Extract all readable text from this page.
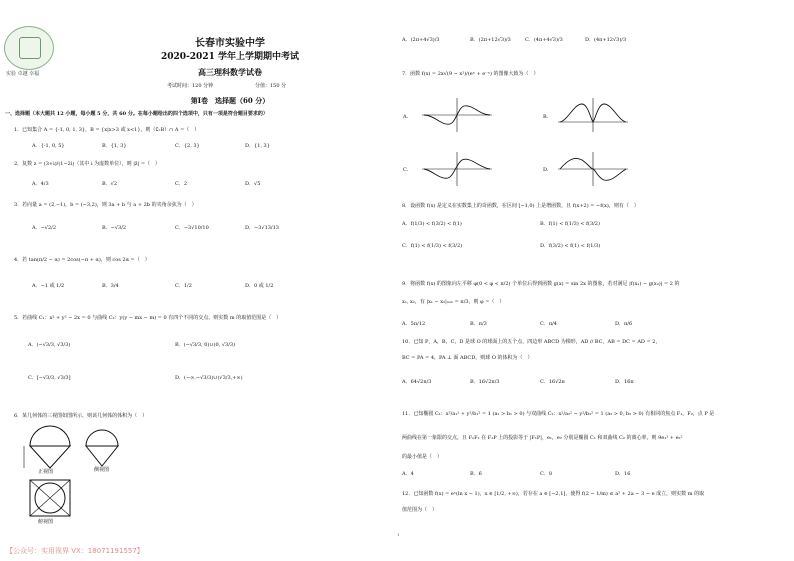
实验 卓越 幸福
长春市实验中学
2020-2021 学年上学期期中考试
高三理科数学试卷
考试时间：120 分钟	分值：150 分
第Ⅰ卷　选择题（60 分）
一、选择题（本大题共 12 小题，每小题 5 分，共 60 分。在每小题给出的四个选项中，只有一项是符合题目要求的）
1．已知集合 A = {-1, 0, 1, 3}，B = {x|x>3 或 x<1}，则（∁ᵣB）∩ A =（　）
A．{-1, 0, 5}	B．{1, 3}	C．{2, 3}	D．{1, 3}
2．复数 z = (3+i)/(1−2i)（其中 i 为虚数单位），则 |z̄| =（　）
A．4/3	B．√2	C．2	D．√5
3．若向量 a = (2,−1)，b = (−3,2)，则 3a + b 与 a + 2b 的夹角余弦为（　）
A．−√2/2	B．−√3/2	C．−3√10/10	D．−3√13/13
4．若 tan(π/2 − α) = 2cos(−π + α)，则 cos 2α =（　）
A．−1 或 1/2	B．3/4	C．1/2	D．0 或 1/2
5．若曲线 C₁：x² + y² − 2x = 0 与曲线 C₂：y(y − mx − m) = 0 有四个不同的交点，则实数 m 的取值范围是（　）
A．(−√3/3, √3/3)	B．(−√3/3, 0)∪(0, √3/3)
C．[−√3/3, √3/3]	D．(−∞,−√3/3)∪(√3/3,+∞)
6．某几何体的三视图如图所示，则该几何体的体积为（　）
正视图	侧视图
俯视图
A．(2π+4√3)/3	B．(2π+12√3)/3	C．(4π+4√3)/3	D．(4π+12√3)/3
7．函数 f(x) = 2x√(9 − x²)/(eˣ + e⁻ˣ) 的图像大致为（　）
A.	B.
C.	D.
8．设函数 f(x) 是定义在实数集上的奇函数，在区间 [−1,0) 上是增函数，且 f(x+2) = −f(x)，则有（　）
A．f(1/3) < f(3/2) < f(1)	B．f(1) < f(1/3) < f(3/2)
C．f(1) < f(1/3) < f(3/2)	D．f(3/2) < f(1) < f(1/3)
9．将函数 f(x) 的图象向左平移 φ(0 < φ < π/2) 个单位后得到函数 g(x) = sin 2x 的图象，若对满足 |f(x₁) − g(x₂)| = 2 的
x₁, x₂，有 |x₁ − x₂|ₘᵢₙ = π/3，则 φ =（　）
A．5π/12	B．π/3	C．π/4	D．π/6
10．已知 P，A，B，C，D 是球 O 的球面上的五个点，四边形 ABCD 为梯形，AD // BC，AB = DC = AD = 2，
BC = PA = 4，PA ⊥ 面 ABCD，则球 O 的体积为（　）
A．64√2π/3	B．16√2π/3	C．16√2π	D．16π
11．已知椭圆 C₁：x²/a₁² + y²/b₁² = 1 (a₁ > b₁ > 0) 与双曲线 C₂：x²/a₂² − y²/b₂² = 1 (a₂ > 0, b₂ > 0) 有相同的焦点 F₁，F₂，点 P 是
两曲线在第一象限的交点，且 F₁F₂ 在 F₁P 上的投影等于 |F₁P|，e₁，e₂ 分别是椭圆 C₁ 和双曲线 C₂ 的离心率，则 9e₁² + e₂²
的最小值是（　）
A．4	B．6	C．8	D．16
12．已知函数 f(x) = eˣ(ln x − 1)，x ∈ [1/2, +∞)，若存在 a ∈ [−2,1]，使得 f(2 − 1/m) ≤ a² + 2a − 3 − e 成立，则实数 m 的取
值范围为（　）
1
【公众号：实用视界 VX：18071191557】
